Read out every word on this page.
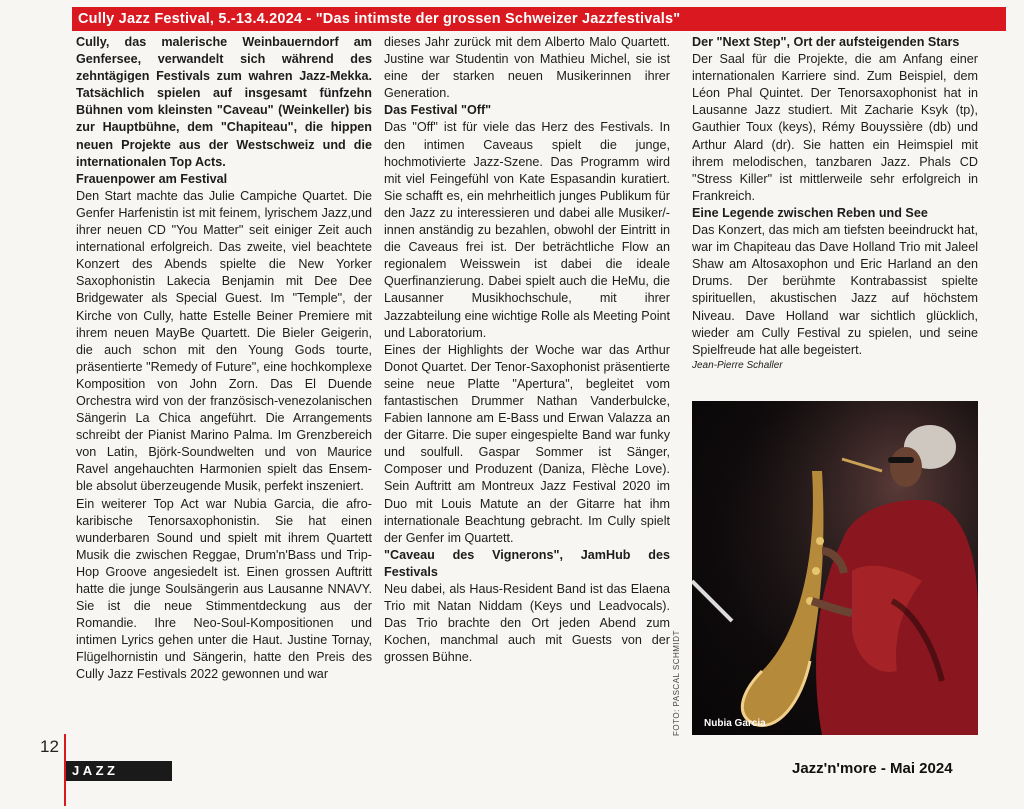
Cully Jazz Festival, 5.-13.4.2024 - "Das intimste der grossen Schweizer Jazzfestivals"

Cully, das malerische Weinbauerndorf am Genfersee, verwandelt sich während des zehntägigen Festivals zum wahren Jazz-Mekka. Tatsächlich spielen auf insgesamt fünfzehn Bühnen vom kleinsten "Caveau" (Weinkeller) bis zur Hauptbühne, dem "Chapiteau", die hippen neuen Projekte aus der Westschweiz und die internationalen Top Acts.

Frauenpower am Festival

Den Start machte das Julie Campiche Quartet. Die Genfer Harfenistin ist mit feinem, lyrischem Jazz,und ihrer neuen CD "You Matter" seit einiger Zeit auch international erfolgreich. Das zweite, viel beachtete Konzert des Abends spielte die New Yorker Saxophonistin Lakecia Benjamin mit Dee Dee Bridgewater als Special Guest. Im "Temple", der Kirche von Cully, hatte Estelle Beiner Premiere mit ihrem neuen MayBe Quartett. Die Bieler Geigerin, die auch schon mit den Young Gods tourte, präsentierte "Remedy of Future", eine hochkomplexe Komposition von John Zorn. Das El Duende Orchestra wird von der französisch-venezolanischen Sängerin La Chica angeführt. Die Arrangements schreibt der Pianist Marino Palma. Im Grenzbereich von Latin, Björk-Soundwelten und von Maurice Ravel angehauchten Harmonien spielt das Ensem-ble absolut überzeugende Musik, perfekt inszeniert.

Ein weiterer Top Act war Nubia Garcia, die afro-karibische Tenorsaxophonistin. Sie hat einen wunderbaren Sound und spielt mit ihrem Quartett Musik die zwischen Reggae, Drum'n'Bass und Trip-Hop Groove angesiedelt ist. Einen grossen Auftritt hatte die junge Soulsängerin aus Lausanne NNAVY. Sie ist die neue Stimmentdeckung aus der Romandie. Ihre Neo-Soul-Kompositionen und intimen Lyrics gehen unter die Haut. Justine Tornay, Flügelhornistin und Sängerin, hatte den Preis des Cully Jazz Festivals 2022 gewonnen und war

dieses Jahr zurück mit dem Alberto Malo Quartett. Justine war Studentin von Mathieu Michel, sie ist eine der starken neuen Musikerinnen ihrer Generation.

Das Festival "Off"

Das "Off" ist für viele das Herz des Festivals. In den intimen Caveaus spielt die junge, hochmotivierte Jazz-Szene. Das Programm wird mit viel Feingefühl von Kate Espasandin kuratiert. Sie schafft es, ein mehrheitlich junges Publikum für den Jazz zu interessieren und dabei alle Musiker/-innen anständig zu bezahlen, obwohl der Eintritt in die Caveaus frei ist. Der beträchtliche Flow an regionalem Weisswein ist dabei die ideale Querfinanzierung. Dabei spielt auch die HeMu, die Lausanner Musikhochschule, mit ihrer Jazzabteilung eine wichtige Rolle als Meeting Point und Laboratorium.

Eines der Highlights der Woche war das Arthur Donot Quartet. Der Tenor-Saxophonist präsentierte seine neue Platte "Apertura", begleitet vom fantastischen Drummer Nathan Vanderbulcke, Fabien Iannone am E-Bass und Erwan Valazza an der Gitarre. Die super eingespielte Band war funky und soulfull. Gaspar Sommer ist Sänger, Composer und Produzent (Daniza, Flèche Love). Sein Auftritt am Montreux Jazz Festival 2020 im Duo mit Louis Matute an der Gitarre hat ihm internationale Beachtung gebracht. Im Cully spielt der Genfer im Quartett.

"Caveau des Vignerons", JamHub des Festivals

Neu dabei, als Haus-Resident Band ist das Elaena Trio mit Natan Niddam (Keys und Leadvocals). Das Trio brachte den Ort jeden Abend zum Kochen, manchmal auch mit Guests von der grossen Bühne.

Der "Next Step", Ort der aufsteigenden Stars

Der Saal für die Projekte, die am Anfang einer internationalen Karriere sind. Zum Beispiel, dem Léon Phal Quintet. Der Tenorsaxophonist hat in Lausanne Jazz studiert. Mit Zacharie Ksyk (tp), Gauthier Toux (keys), Rémy Bouyssière (db) und Arthur Alard (dr). Sie hatten ein Heimspiel mit ihrem melodischen, tanzbaren Jazz. Phals CD "Stress Killer" ist mittlerweile sehr erfolgreich in Frankreich.

Eine Legende zwischen Reben und See

Das Konzert, das mich am tiefsten beeindruckt hat, war im Chapiteau das Dave Holland Trio mit Jaleel Shaw am Altosaxophon und Eric Harland an den Drums. Der berühmte Kontrabassist spielte spirituellen, akustischen Jazz auf höchstem Niveau. Dave Holland war sichtlich glücklich, wieder am Cully Festival zu spielen, und seine Spielfreude hat alle begeistert.

Jean-Pierre Schaller

FOTO: PASCAL SCHMIDT	Nubia Garcia
12
JAZZ	Jazz'n'more - Mai 2024
